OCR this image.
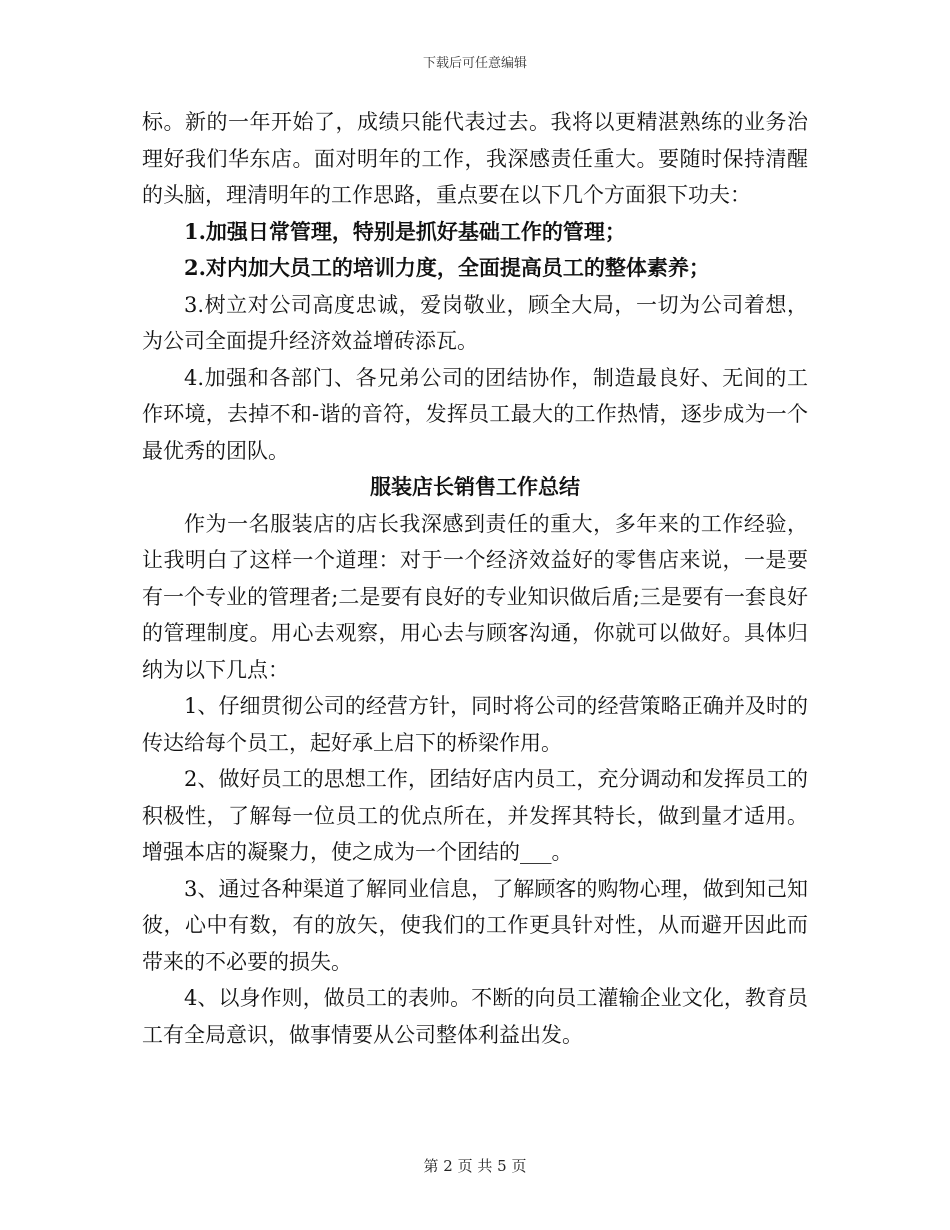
下载后可任意编辑

标。新的一年开始了，成绩只能代表过去。我将以更精湛熟练的业务治理好我们华东店。面对明年的工作，我深感责任重大。要随时保持清醒的头脑，理清明年的工作思路，重点要在以下几个方面狠下功夫：

1.加强日常管理，特别是抓好基础工作的管理；

2.对内加大员工的培训力度，全面提高员工的整体素养；

3.树立对公司高度忠诚，爱岗敬业，顾全大局，一切为公司着想，为公司全面提升经济效益增砖添瓦。

4.加强和各部门、各兄弟公司的团结协作，制造最良好、无间的工作环境，去掉不和-谐的音符，发挥员工最大的工作热情，逐步成为一个最优秀的团队。

服装店长销售工作总结

作为一名服装店的店长我深感到责任的重大，多年来的工作经验，让我明白了这样一个道理：对于一个经济效益好的零售店来说，一是要有一个专业的管理者;二是要有良好的专业知识做后盾;三是要有一套良好的管理制度。用心去观察，用心去与顾客沟通，你就可以做好。具体归纳为以下几点：

1、仔细贯彻公司的经营方针，同时将公司的经营策略正确并及时的传达给每个员工，起好承上启下的桥梁作用。

2、做好员工的思想工作，团结好店内员工，充分调动和发挥员工的积极性，了解每一位员工的优点所在，并发挥其特长，做到量才适用。增强本店的凝聚力，使之成为一个团结的___。

3、通过各种渠道了解同业信息，了解顾客的购物心理，做到知己知彼，心中有数，有的放矢，使我们的工作更具针对性，从而避开因此而带来的不必要的损失。

4、以身作则，做员工的表帅。不断的向员工灌输企业文化，教育员工有全局意识，做事情要从公司整体利益出发。

第 2 页 共 5 页
